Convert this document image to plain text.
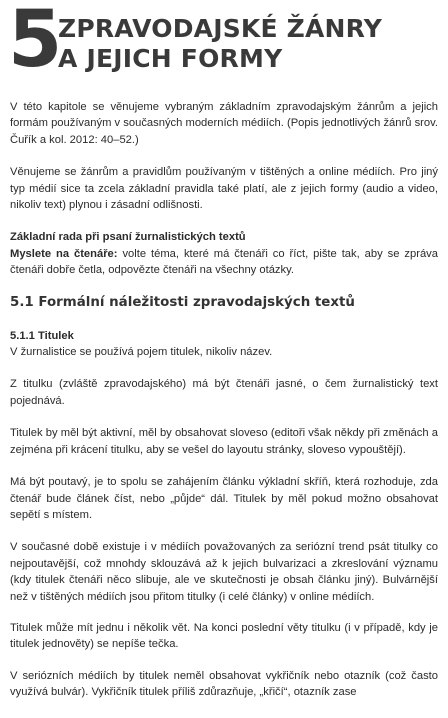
5
ZPRAVODAJSKÉ ŽÁNRY
A JEJICH FORMY

V této kapitole se věnujeme vybraným základním zpravodajským žánrům a jejich formám používaným v současných moderních médiích. (Popis jednotlivých žánrů srov. Čuřík a kol. 2012: 40–52.)

Věnujeme se žánrům a pravidlům používaným v tištěných a online médiích. Pro jiný typ médií sice ta zcela základní pravidla také platí, ale z jejich formy (audio a video, nikoliv text) plynou i zásadní odlišnosti.

Základní rada při psaní žurnalistických textů

Myslete na čtenáře: volte téma, které má čtenáři co říct, pište tak, aby se zpráva čtenáři dobře četla, odpovězte čtenáři na všechny otázky.

5.1 Formální náležitosti zpravodajských textů
5.1.1 Titulek

V žurnalistice se používá pojem titulek, nikoliv název.

Z titulku (zvláště zpravodajského) má být čtenáři jasné, o čem žurnalistický text pojednává.

Titulek by měl být aktivní, měl by obsahovat sloveso (editoři však někdy při změnách a zejména při krácení titulku, aby se vešel do layoutu stránky, sloveso vypouštějí).

Má být poutavý, je to spolu se zahájením článku výkladní skříň, která rozhoduje, zda čtenář bude článek číst, nebo „půjde“ dál. Titulek by měl pokud možno obsahovat sepětí s místem.

V současné době existuje i v médiích považovaných za seriózní trend psát titulky co nejpoutavější, což mnohdy sklouzává až k jejich bulvarizaci a zkreslování významu (kdy titulek čtenáři něco slibuje, ale ve skutečnosti je obsah článku jiný). Bulvárnější než v tištěných médiích jsou přitom titulky (i celé články) v online médiích.

Titulek může mít jednu i několik vět. Na konci poslední věty titulku (i v případě, kdy je titulek jednověty) se nepíše tečka.

V seriózních médiích by titulek neměl obsahovat vykřičník nebo otazník (což často využívá bulvár). Vykřičník titulek příliš zdůrazňuje, „křičí“, otazník zase
